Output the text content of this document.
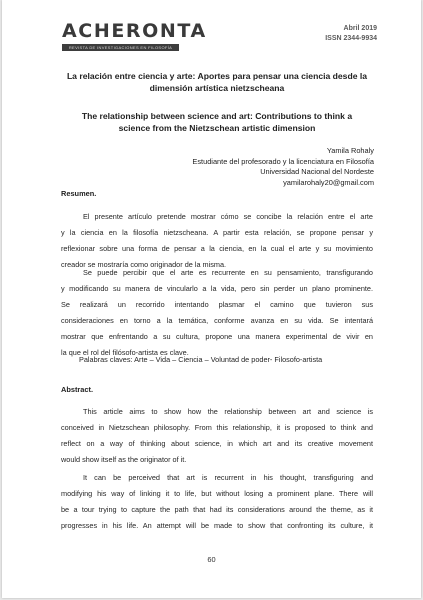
ACHERONTA
REVISTA DE INVESTIGACIONES EN FILOSOFÍA
Abril 2019
ISSN 2344-9934
La relación entre ciencia y arte: Aportes para pensar una ciencia desde la
dimensión artística nietzscheana
The relationship between science and art: Contributions to think a
science from the Nietzschean artistic dimension
Yamila Rohaly
Estudiante del profesorado y la licenciatura en Filosofía
Universidad Nacional del Nordeste
yamilarohaly20@gmail.com
Resumen.
El presente artículo pretende mostrar cómo se concibe la relación entre el arte
y la ciencia en la filosofía nietzscheana. A partir esta relación, se propone pensar y
reflexionar sobre una forma de pensar a la ciencia, en la cual el arte y su movimiento
creador se mostraría como originador de la misma.
Se puede percibir que el arte es recurrente en su pensamiento, transfigurando
y modificando su manera de vincularlo a la vida, pero sin perder un plano prominente.
Se realizará un recorrido intentando plasmar el camino que tuvieron sus
consideraciones en torno a la temática, conforme avanza en su vida. Se intentará
mostrar que enfrentando a su cultura, propone una manera experimental de vivir en
la que el rol del filósofo-artista es clave.
Palabras claves: Arte – Vida – Ciencia – Voluntad de poder- Filosofo-artista
Abstract.
This article aims to show how the relationship between art and science is
conceived in Nietzschean philosophy. From this relationship, it is proposed to think and
reflect on a way of thinking about science, in which art and its creative movement
would show itself as the originator of it.
It can be perceived that art is recurrent in his thought, transfiguring and
modifying his way of linking it to life, but without losing a prominent plane. There will
be a tour trying to capture the path that had its considerations around the theme, as it
progresses in his life. An attempt will be made to show that confronting its culture, it
60
